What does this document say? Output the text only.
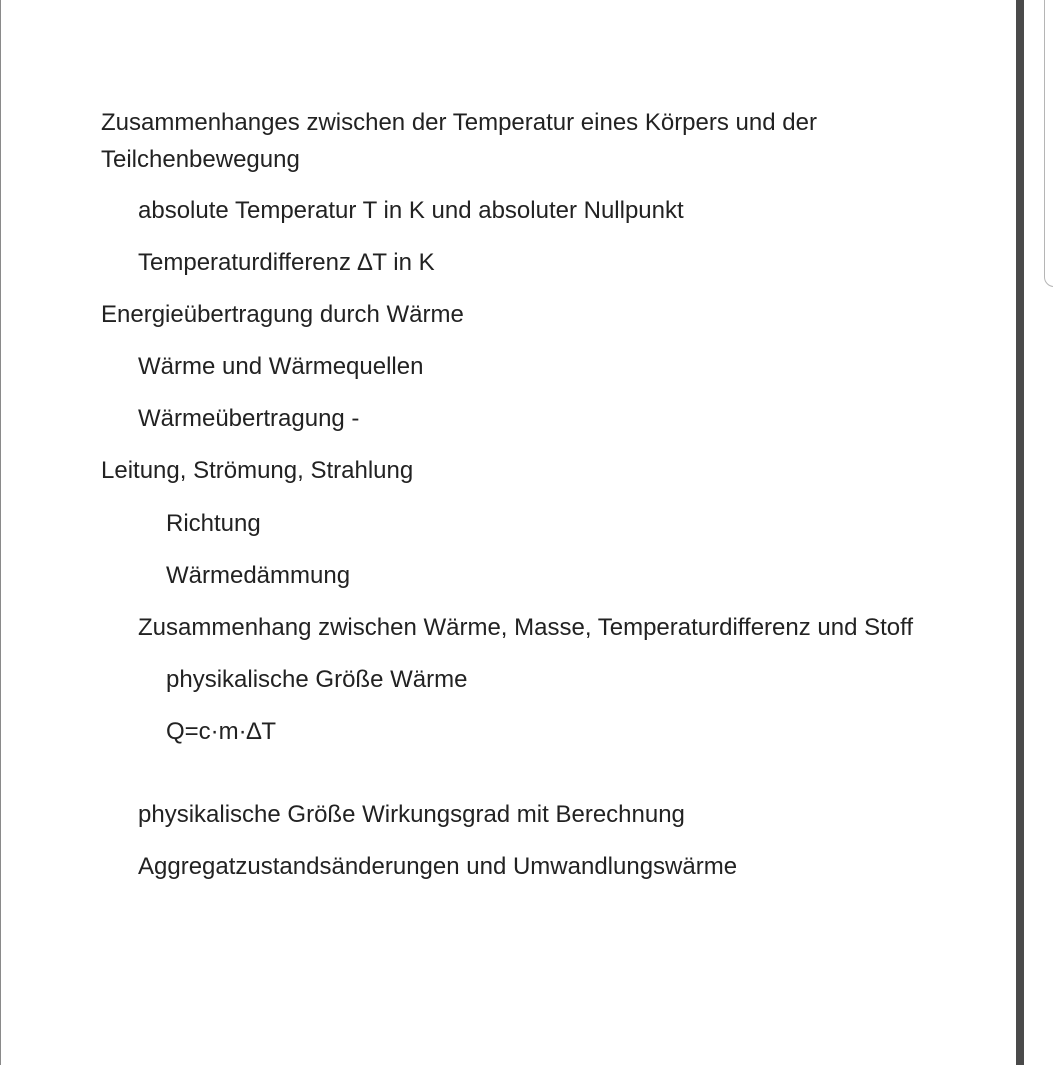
Zusammenhanges zwischen der Temperatur eines Körpers und der Teilchenbewegung
absolute Temperatur T in K und absoluter Nullpunkt
Temperaturdifferenz ∆T in K
Energieübertragung durch Wärme
Wärme und Wärmequellen
Wärmeübertragung -
Leitung, Strömung, Strahlung
Richtung
Wärmedämmung
Zusammenhang zwischen Wärme, Masse, Temperaturdifferenz und Stoff
physikalische Größe Wärme
Q=c·m·∆T
physikalische Größe Wirkungsgrad mit Berechnung
Aggregatzustandsänderungen und Umwandlungswärme
